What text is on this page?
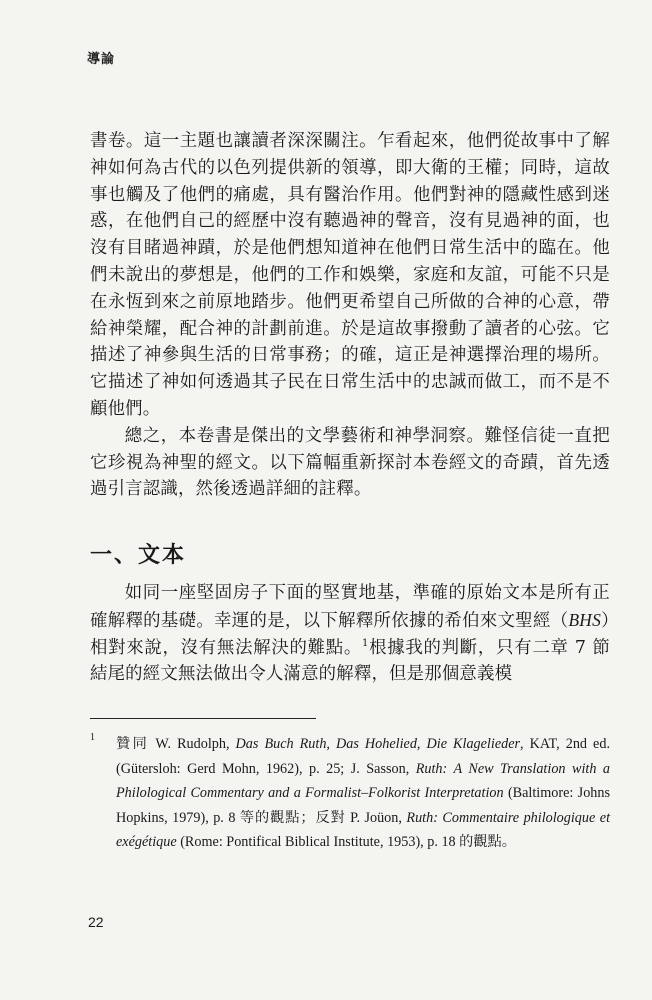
導論

書卷。這一主題也讓讀者深深關注。乍看起來，他們從故事中了解神如何為古代的以色列提供新的領導，即大衛的王權；同時，這故事也觸及了他們的痛處，具有醫治作用。他們對神的隱藏性感到迷惑，在他們自己的經歷中沒有聽過神的聲音，沒有見過神的面，也沒有目睹過神蹟，於是他們想知道神在他們日常生活中的臨在。他們未說出的夢想是，他們的工作和娛樂，家庭和友誼，可能不只是在永恆到來之前原地踏步。他們更希望自己所做的合神的心意，帶給神榮耀，配合神的計劃前進。於是這故事撥動了讀者的心弦。它描述了神參與生活的日常事務；的確，這正是神選擇治理的場所。它描述了神如何透過其子民在日常生活中的忠誠而做工，而不是不顧他們。

總之，本卷書是傑出的文學藝術和神學洞察。難怪信徒一直把它珍視為神聖的經文。以下篇幅重新探討本卷經文的奇蹟，首先透過引言認識，然後透過詳細的註釋。

一、文本

如同一座堅固房子下面的堅實地基，準確的原始文本是所有正確解釋的基礎。幸運的是，以下解釋所依據的希伯來文聖經（BHS）相對來說，沒有無法解決的難點。$^1$根據我的判斷，只有二章 7 節結尾的經文無法做出令人滿意的解釋，但是那個意義模

1 贊同 W. Rudolph, Das Buch Ruth, Das Hohelied, Die Klagelieder, KAT, 2nd ed. (Gütersloh: Gerd Mohn, 1962), p. 25; J. Sasson, Ruth: A New Translation with a Philological Commentary and a Formalist–Folkorist Interpretation (Baltimore: Johns Hopkins, 1979), p. 8 等的觀點；反對 P. Joüon, Ruth: Commentaire philologique et exégétique (Rome: Pontifical Biblical Institute, 1953), p. 18 的觀點。
22
